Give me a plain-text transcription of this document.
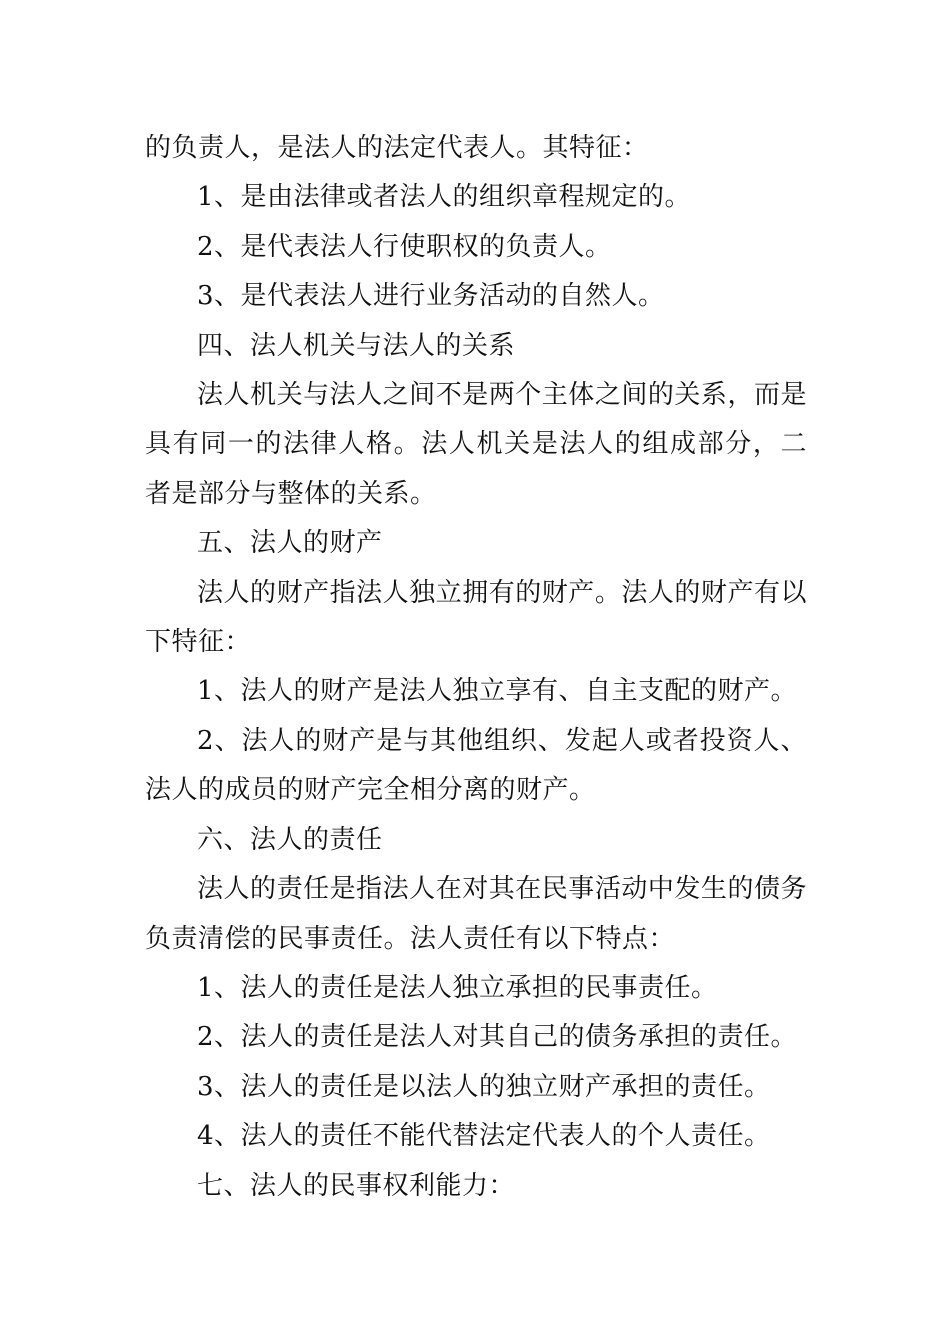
的负责人，是法人的法定代表人。其特征：

1、是由法律或者法人的组织章程规定的。

2、是代表法人行使职权的负责人。

3、是代表法人进行业务活动的自然人。

四、法人机关与法人的关系

法人机关与法人之间不是两个主体之间的关系，而是具有同一的法律人格。法人机关是法人的组成部分，二者是部分与整体的关系。

五、法人的财产

法人的财产指法人独立拥有的财产。法人的财产有以下特征：

1、法人的财产是法人独立享有、自主支配的财产。

2、法人的财产是与其他组织、发起人或者投资人、法人的成员的财产完全相分离的财产。

六、法人的责任

法人的责任是指法人在对其在民事活动中发生的债务负责清偿的民事责任。法人责任有以下特点：

1、法人的责任是法人独立承担的民事责任。

2、法人的责任是法人对其自己的债务承担的责任。

3、法人的责任是以法人的独立财产承担的责任。

4、法人的责任不能代替法定代表人的个人责任。

七、法人的民事权利能力：
